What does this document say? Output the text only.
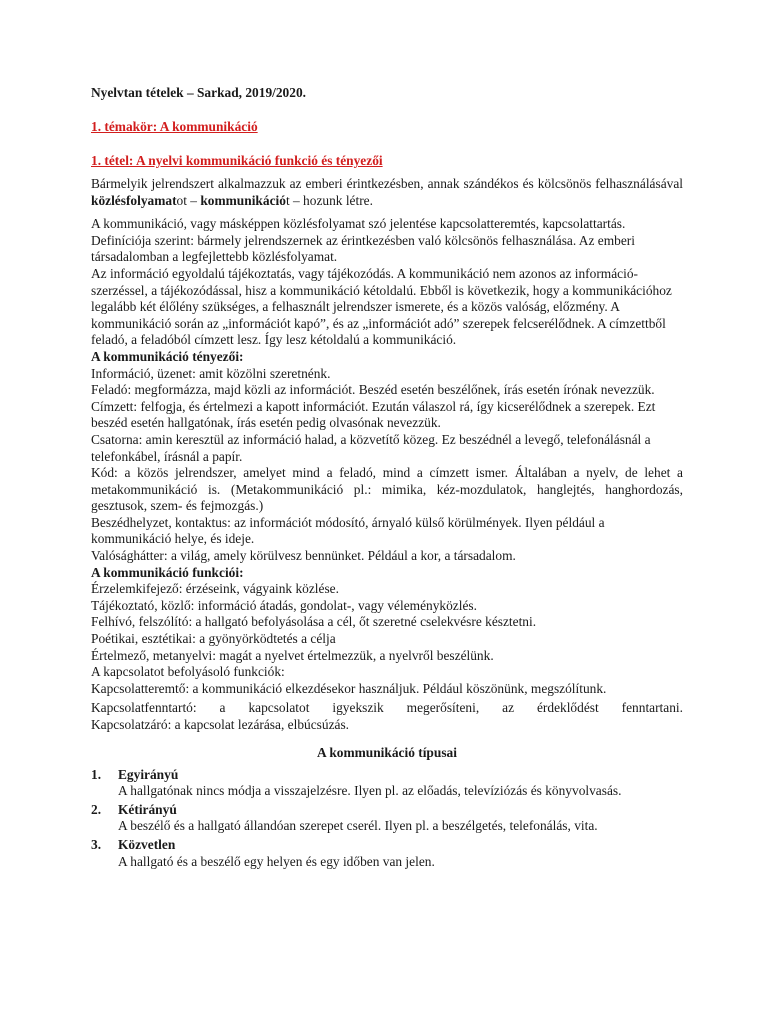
Nyelvtan tételek – Sarkad, 2019/2020.

1. témakör: A kommunikáció

1. tétel: A nyelvi kommunikáció funkció és tényezői

Bármelyik jelrendszert alkalmazzuk az emberi érintkezésben, annak szándékos és kölcsönös felhasználásával közlésfolyamatot – kommunikációt – hozunk létre.

A kommunikáció, vagy másképpen közlésfolyamat szó jelentése kapcsolatteremtés, kapcsolattartás. Definíciója szerint: bármely jelrendszernek az érintkezésben való kölcsönös felhasználása. Az emberi társadalomban a legfejlettebb közlésfolyamat.

Az információ egyoldalú tájékoztatás, vagy tájékozódás. A kommunikáció nem azonos az információ-szerzéssel, a tájékozódással, hisz a kommunikáció kétoldalú. Ebből is következik, hogy a kommunikációhoz legalább két élőlény szükséges, a felhasznált jelrendszer ismerete, és a közös valóság, előzmény. A kommunikáció során az „információt kapó”, és az „információt adó” szerepek felcserélődnek. A címzettből feladó, a feladóból címzett lesz. Így lesz kétoldalú a kommunikáció.

A kommunikáció tényezői:

Információ, üzenet: amit közölni szeretnénk.

Feladó: megformázza, majd közli az információt. Beszéd esetén beszélőnek, írás esetén írónak nevezzük.

Címzett: felfogja, és értelmezi a kapott információt. Ezután válaszol rá, így kicserélődnek a szerepek. Ezt beszéd esetén hallgatónak, írás esetén pedig olvasónak nevezzük.

Csatorna: amin keresztül az információ halad, a közvetítő közeg. Ez beszédnél a levegő, telefonálásnál a telefonkábel, írásnál a papír.

Kód: a közös jelrendszer, amelyet mind a feladó, mind a címzett ismer. Általában a nyelv, de lehet a metakommunikáció is. (Metakommunikáció pl.: mimika, kéz-mozdulatok, hanglejtés, hanghordozás, gesztusok, szem- és fejmozgás.)

Beszédhelyzet, kontaktus: az információt módosító, árnyaló külső körülmények. Ilyen például a kommunikáció helye, és ideje.

Valósághátter: a világ, amely körülvesz bennünket. Például a kor, a társadalom.

A kommunikáció funkciói:

Érzelemkifejező: érzéseink, vágyaink közlése.

Tájékoztató, közlő: információ átadás, gondolat-, vagy véleményközlés.

Felhívó, felszólító: a hallgató befolyásolása a cél, őt szeretné cselekvésre késztetni.

Poétikai, esztétikai: a gyönyörködtetés a célja

Értelmező, metanyelvi: magát a nyelvet értelmezzük, a nyelvről beszélünk.

A kapcsolatot befolyásoló funkciók:

Kapcsolatteremtő: a kommunikáció elkezdésekor használjuk. Például köszönünk, megszólítunk.

Kapcsolatfenntartó: a kapcsolatot igyekszik megerősíteni, az érdeklődést fenntartani.

Kapcsolatzáró: a kapcsolat lezárása, elbúcsúzás.

A kommunikáció típusai

1. Egyirányú
A hallgatónak nincs módja a visszajelzésre. Ilyen pl. az előadás, televíziózás és könyvolvasás.
2. Kétirányú
A beszélő és a hallgató állandóan szerepet cserél. Ilyen pl. a beszélgetés, telefonálás, vita.
3. Közvetlen
A hallgató és a beszélő egy helyen és egy időben van jelen.
